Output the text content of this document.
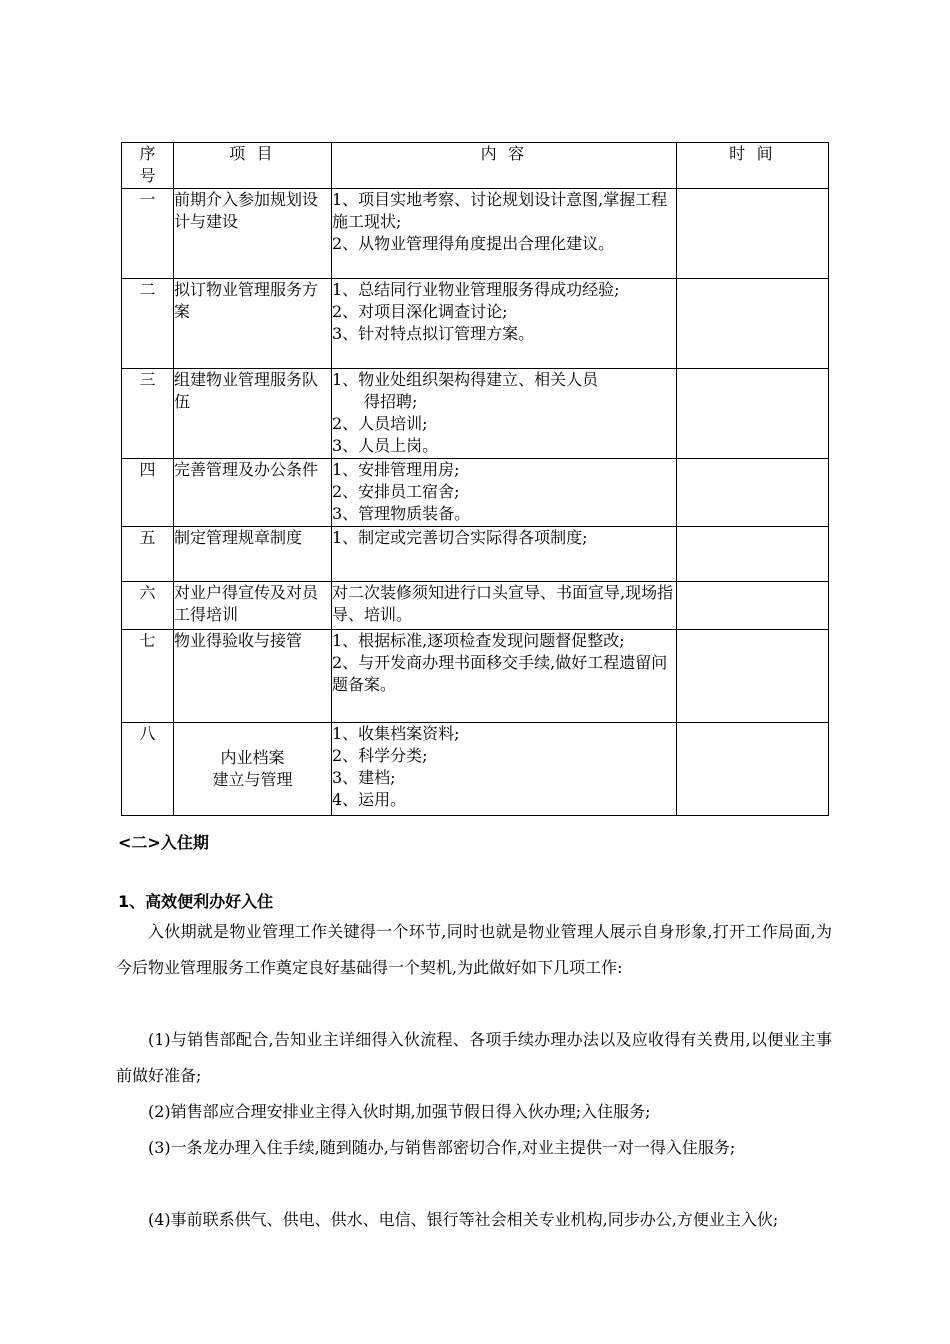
序号	项 目	内 容	时 间
一	前期介入参加规划设计与建设	1、项目实地考察、讨论规划设计意图,掌握工程施工现状;
2、从物业管理得角度提出合理化建议。	

二	拟订物业管理服务方案	1、总结同行业物业管理服务得成功经验;
2、对项目深化调查讨论;
3、针对特点拟订管理方案。	

三	组建物业管理服务队伍	1、物业处组织架构得建立、相关人员
得招聘;
2、人员培训;
3、人员上岗。	

四	完善管理及办公条件	1、安排管理用房;
2、安排员工宿舍;
3、管理物质装备。	

五	制定管理规章制度	1、制定或完善切合实际得各项制度;	

六	对业户得宣传及对员工得培训	对二次装修须知进行口头宣导、书面宣导,现场指导、培训。	

七	物业得验收与接管	1、根据标准,逐项检查发现问题督促整改;
2、与开发商办理书面移交手续,做好工程遗留问题备案。	

八	内业档案
建立与管理	1、收集档案资料;
2、科学分类;
3、建档;
4、运用。	

<二>入住期
1、高效便利办好入住

入伙期就是物业管理工作关键得一个环节,同时也就是物业管理人展示自身形象,打开工作局面,为今后物业管理服务工作奠定良好基础得一个契机,为此做好如下几项工作:

(1)与销售部配合,告知业主详细得入伙流程、各项手续办理办法以及应收得有关费用,以便业主事前做好准备;

(2)销售部应合理安排业主得入伙时期,加强节假日得入伙办理;入住服务;

(3)一条龙办理入住手续,随到随办,与销售部密切合作,对业主提供一对一得入住服务;

(4)事前联系供气、供电、供水、电信、银行等社会相关专业机构,同步办公,方便业主入伙;
